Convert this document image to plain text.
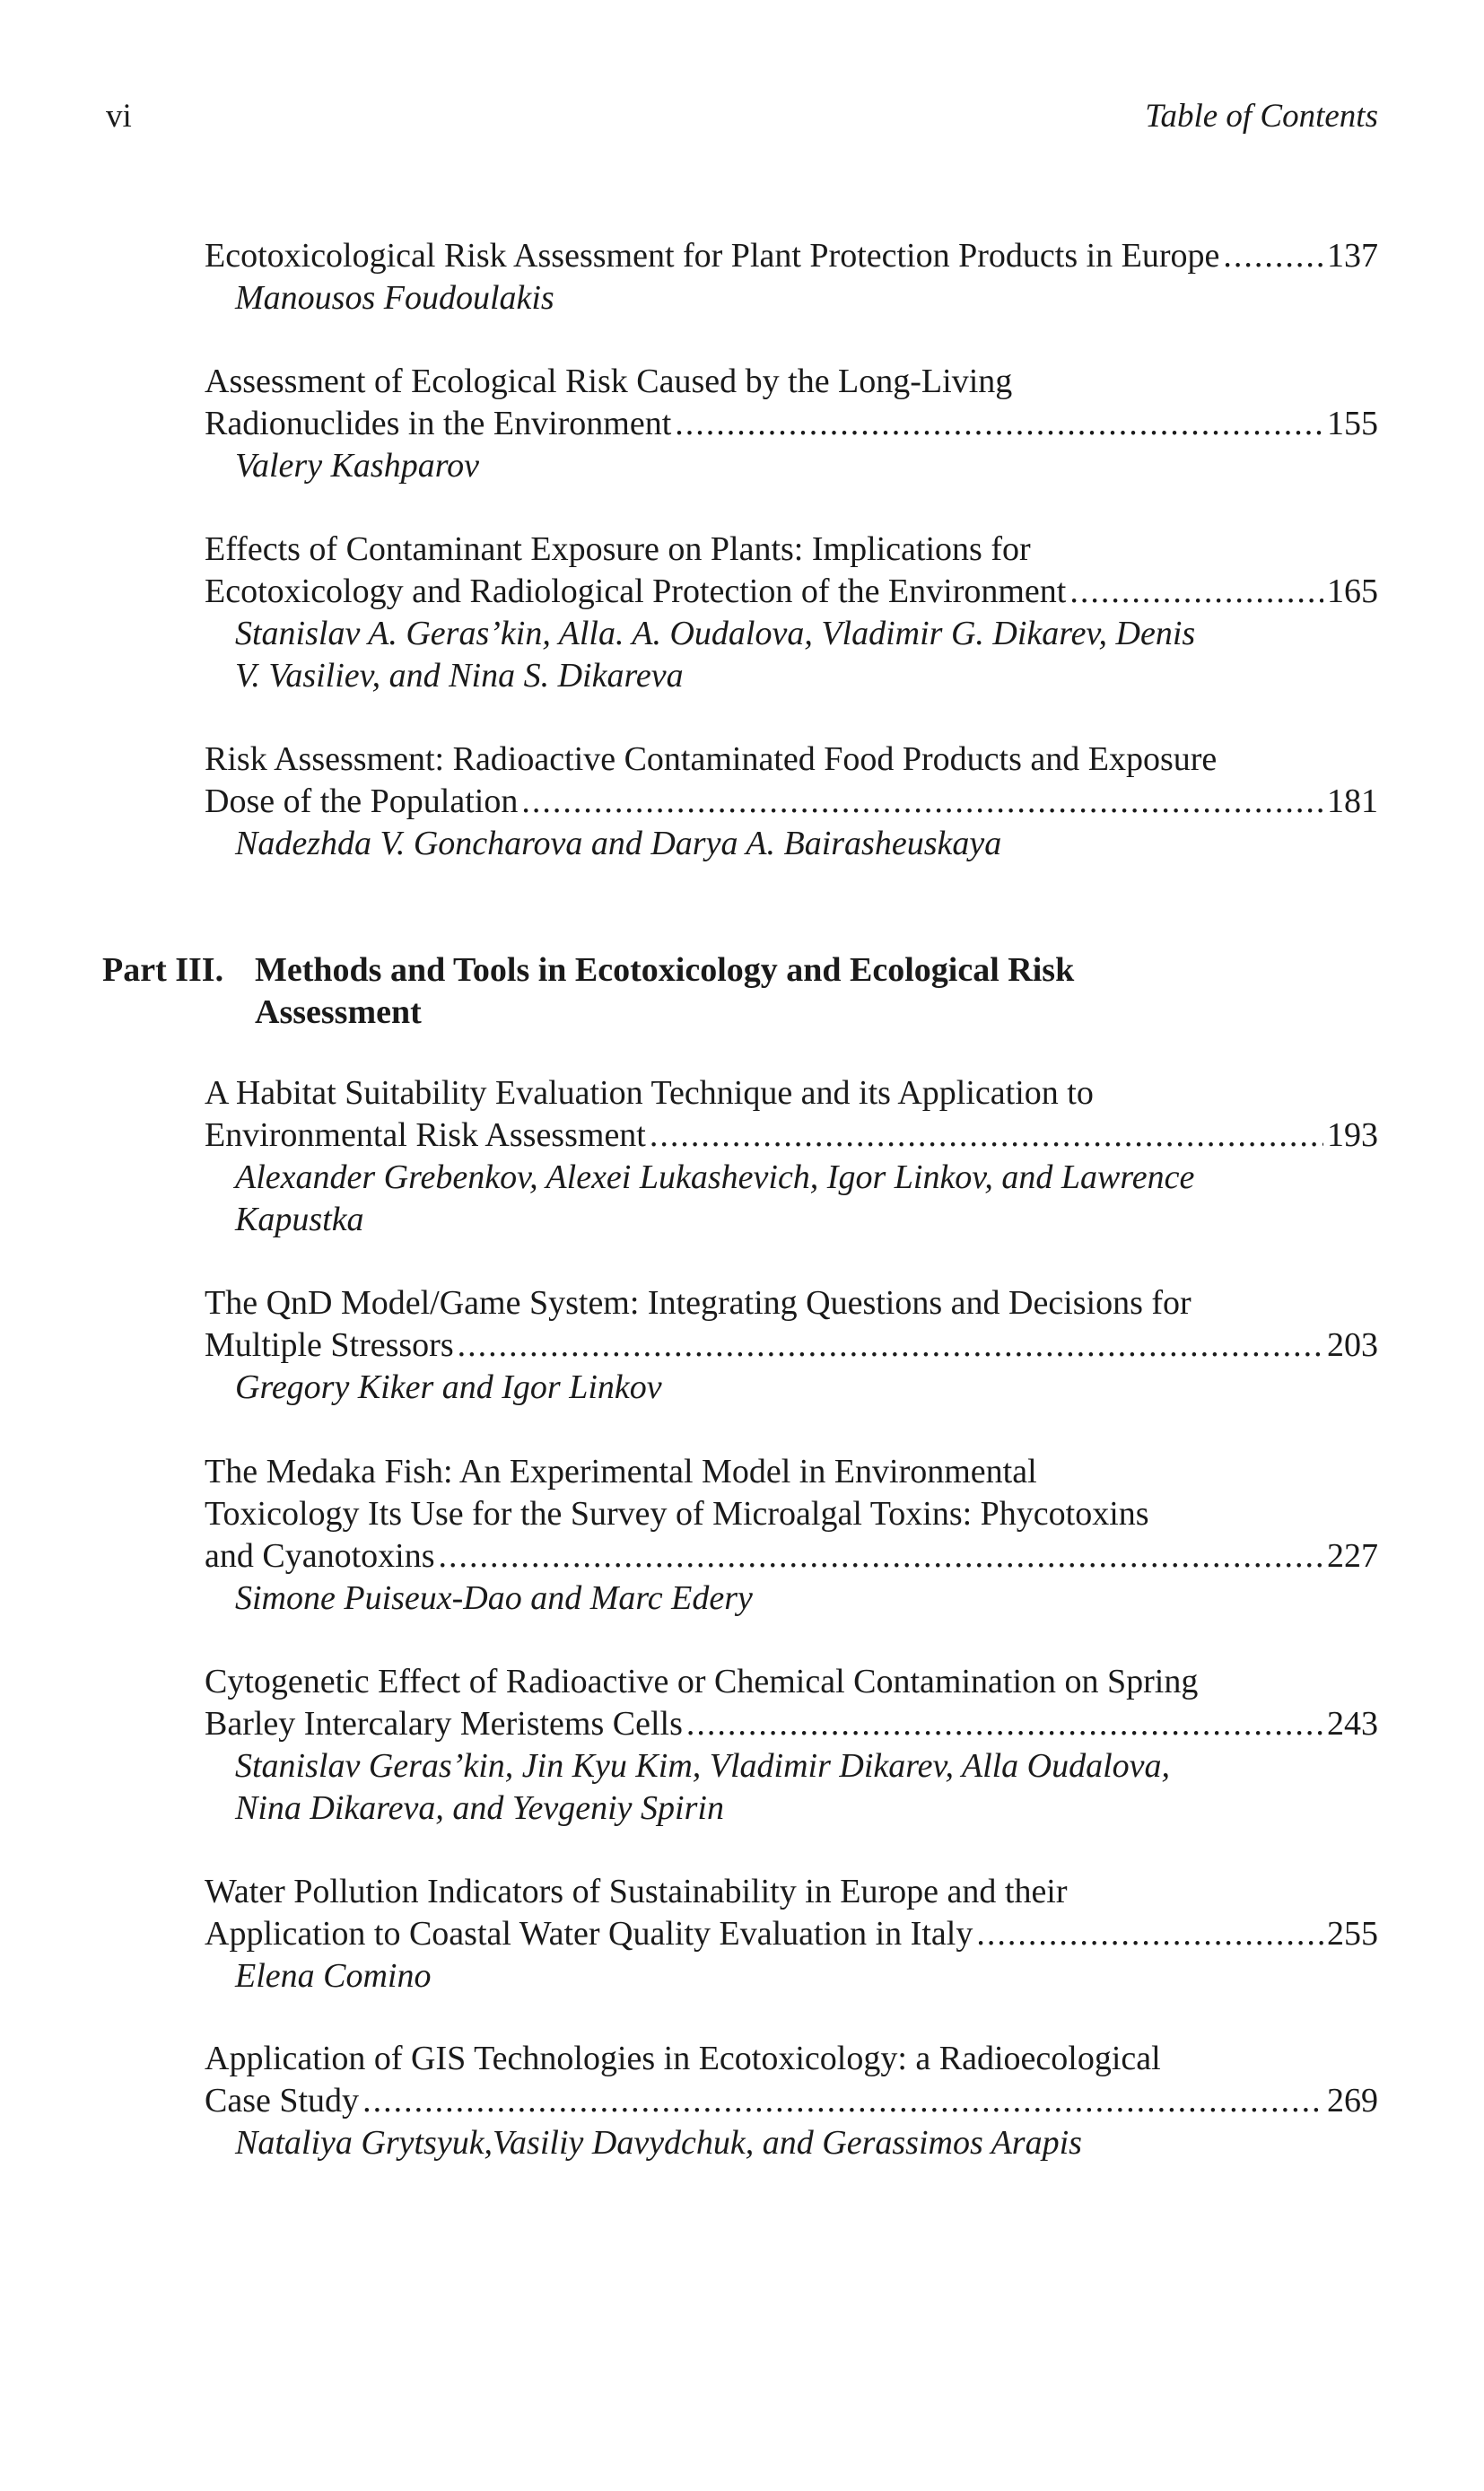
vi	Table of Contents
Ecotoxicological Risk Assessment for Plant Protection Products in Europe .....	137
Manousos Foudoulakis
Assessment of Ecological Risk Caused by the Long-Living
Radionuclides in the Environment .....	155
Valery Kashparov
Effects of Contaminant Exposure on Plants: Implications for
Ecotoxicology and Radiological Protection of the Environment .....	165
Stanislav A. Geras’kin, Alla. A. Oudalova, Vladimir G. Dikarev, Denis
V. Vasiliev, and Nina S. Dikareva
Risk Assessment: Radioactive Contaminated Food Products and Exposure
Dose of the Population .....	181
Nadezhda V. Goncharova and Darya A. Bairasheuskaya
Part III. Methods and Tools in Ecotoxicology and Ecological Risk
Assessment
A Habitat Suitability Evaluation Technique and its Application to
Environmental Risk Assessment .....	193
Alexander Grebenkov, Alexei Lukashevich, Igor Linkov, and Lawrence
Kapustka
The QnD Model/Game System: Integrating Questions and Decisions for
Multiple Stressors .....	203
Gregory Kiker and Igor Linkov
The Medaka Fish: An Experimental Model in Environmental
Toxicology Its Use for the Survey of Microalgal Toxins: Phycotoxins
and Cyanotoxins .....	227
Simone Puiseux-Dao and Marc Edery
Cytogenetic Effect of Radioactive or Chemical Contamination on Spring
Barley Intercalary Meristems Cells .....	243
Stanislav Geras’kin, Jin Kyu Kim, Vladimir Dikarev, Alla Oudalova,
Nina Dikareva, and Yevgeniy Spirin
Water Pollution Indicators of Sustainability in Europe and their
Application to Coastal Water Quality Evaluation in Italy .....	255
Elena Comino
Application of GIS Technologies in Ecotoxicology: a Radioecological
Case Study .....	269
Nataliya Grytsyuk,Vasiliy Davydchuk, and Gerassimos Arapis
